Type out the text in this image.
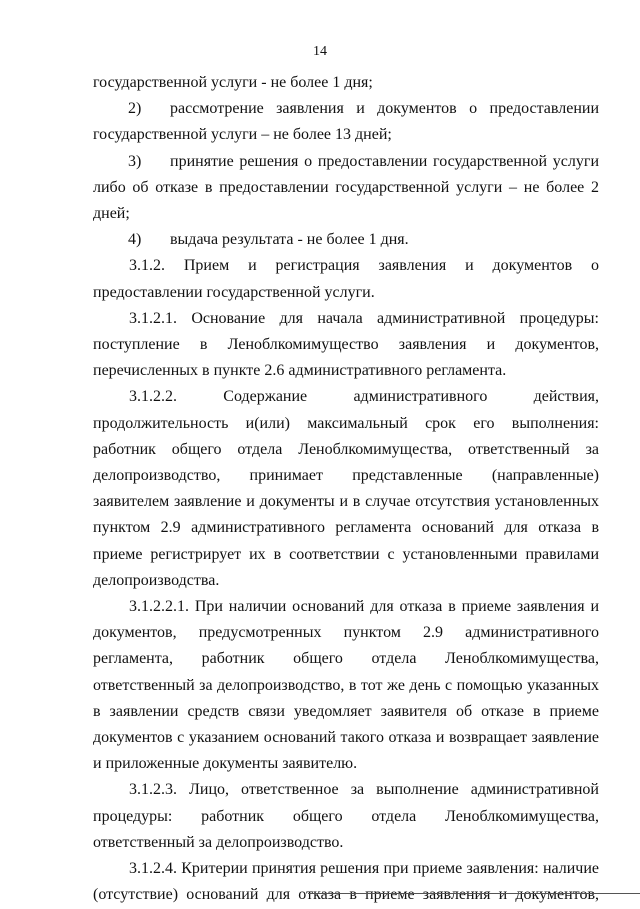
14

государственной услуги - не более 1 дня;

2)	рассмотрение заявления и документов о предоставлении

государственной услуги – не более 13 дней;

3)	принятие решения о предоставлении государственной услуги

либо об отказе в предоставлении государственной услуги – не более 2 дней;

4)	выдача результата - не более 1 дня.

3.1.2. Прием и регистрация заявления и документов о предоставлении государственной услуги.

3.1.2.1. Основание для начала административной процедуры: поступление в Леноблкомимущество заявления и документов, перечисленных в пункте 2.6 административного регламента.

3.1.2.2. Содержание административного действия, продолжительность и(или) максимальный срок его выполнения: работник общего отдела Леноблкомимущества, ответственный за делопроизводство, принимает представленные (направленные) заявителем заявление и документы и в случае отсутствия установленных пунктом 2.9 административного регламента оснований для отказа в приеме регистрирует их в соответствии с установленными правилами делопроизводства.

3.1.2.2.1. При наличии оснований для отказа в приеме заявления и документов, предусмотренных пунктом 2.9 административного регламента, работник общего отдела Леноблкомимущества, ответственный за делопроизводство, в тот же день с помощью указанных в заявлении средств связи уведомляет заявителя об отказе в приеме документов с указанием оснований такого отказа и возвращает заявление и приложенные документы заявителю.

3.1.2.3. Лицо, ответственное за выполнение административной процедуры: работник общего отдела Леноблкомимущества, ответственный за делопроизводство.

3.1.2.4. Критерии принятия решения при приеме заявления: наличие (отсутствие) оснований для отказа в приеме заявления и документов,
